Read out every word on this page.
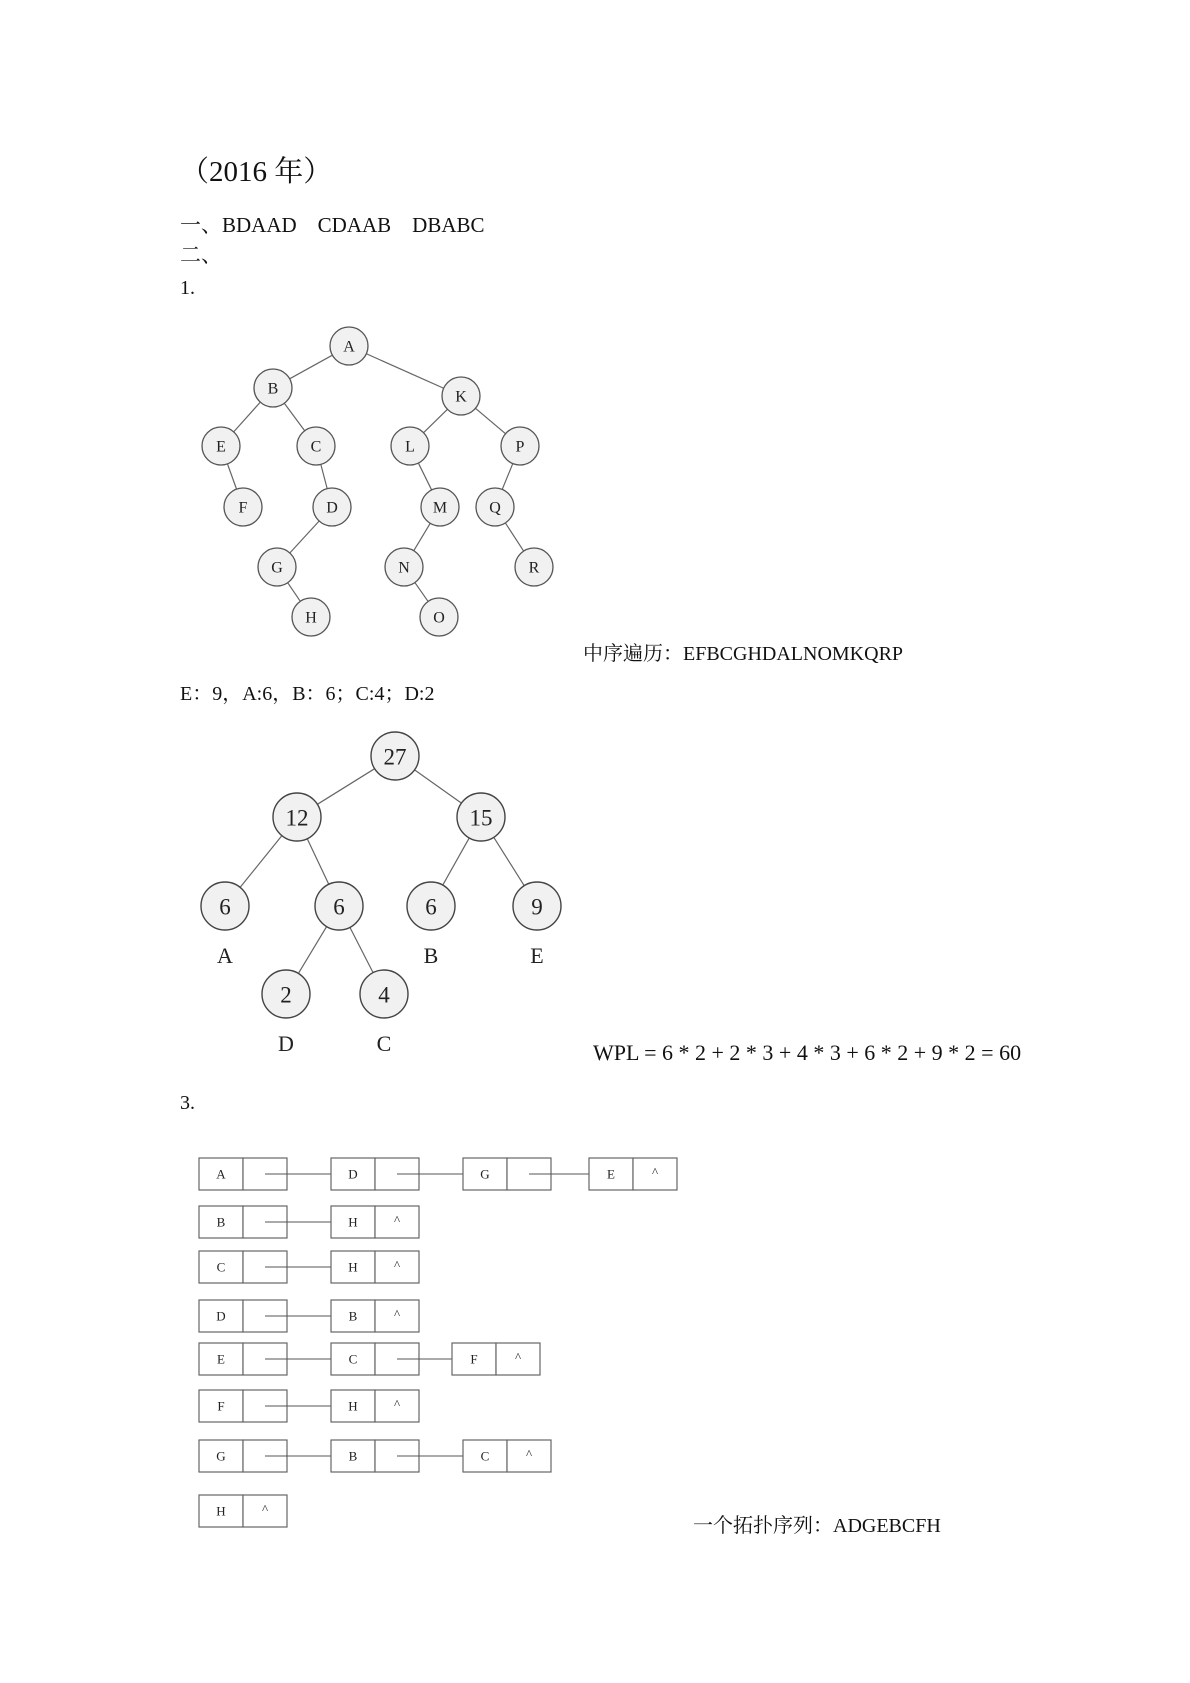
（2016 年）
一、BDAAD　CDAAB　DBABC
二、
1.
A
B	K
E	C	L	P
F	D	M	Q
G	N	R
H	O
中序遍历：EFBCGHDALNOMKQRP
E：9，A:6，B：6；C:4；D:2
27
12	15
6
A
6	6
B
9
E
2
D
4
C	WPL = 6 * 2 + 2 * 3 + 4 * 3 + 6 * 2 + 9 * 2 = 60
3.
A	D	G	E	^
B	H	^
C	H	^
D	B	^
E	C	F	^
F	H	^
G	B	C	^
H	^
一个拓扑序列：ADGEBCFH
